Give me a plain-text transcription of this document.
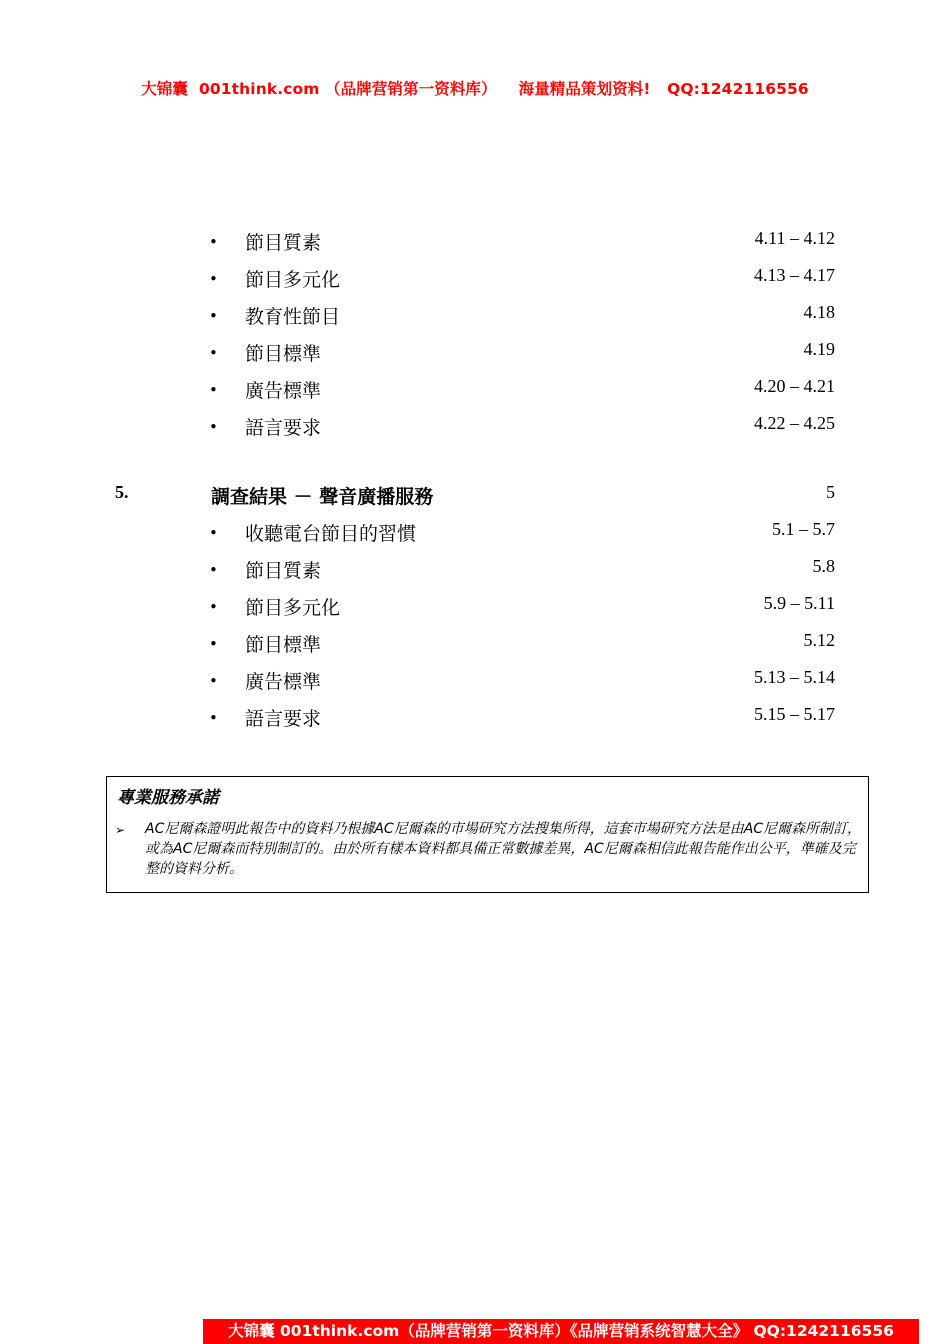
大锦囊  001think.com （品牌营销第一资料库）    海量精品策划资料!   QQ:1242116556
• 節目質素	4.11 – 4.12
• 節目多元化	4.13 – 4.17
• 教育性節目	4.18
• 節目標準	4.19
• 廣告標準	4.20 – 4.21
• 語言要求	4.22 – 4.25
5.	調查結果 － 聲音廣播服務	5
• 收聽電台節目的習慣	5.1 – 5.7
• 節目質素	5.8
• 節目多元化	5.9 – 5.11
• 節目標準	5.12
• 廣告標準	5.13 – 5.14
• 語言要求	5.15 – 5.17
專業服務承諾
➢ AC尼爾森證明此報告中的資料乃根據AC尼爾森的市場研究方法搜集所得，這套市場研究方法是由AC尼爾森所制訂，或為AC尼爾森而特別制訂的。由於所有樣本資料都具備正常數據差異，AC尼爾森相信此報告能作出公平，準確及完整的資料分析。
大锦囊 001think.com（品牌营销第一资料库）《品牌营销系统智慧大全》 QQ:1242116556
